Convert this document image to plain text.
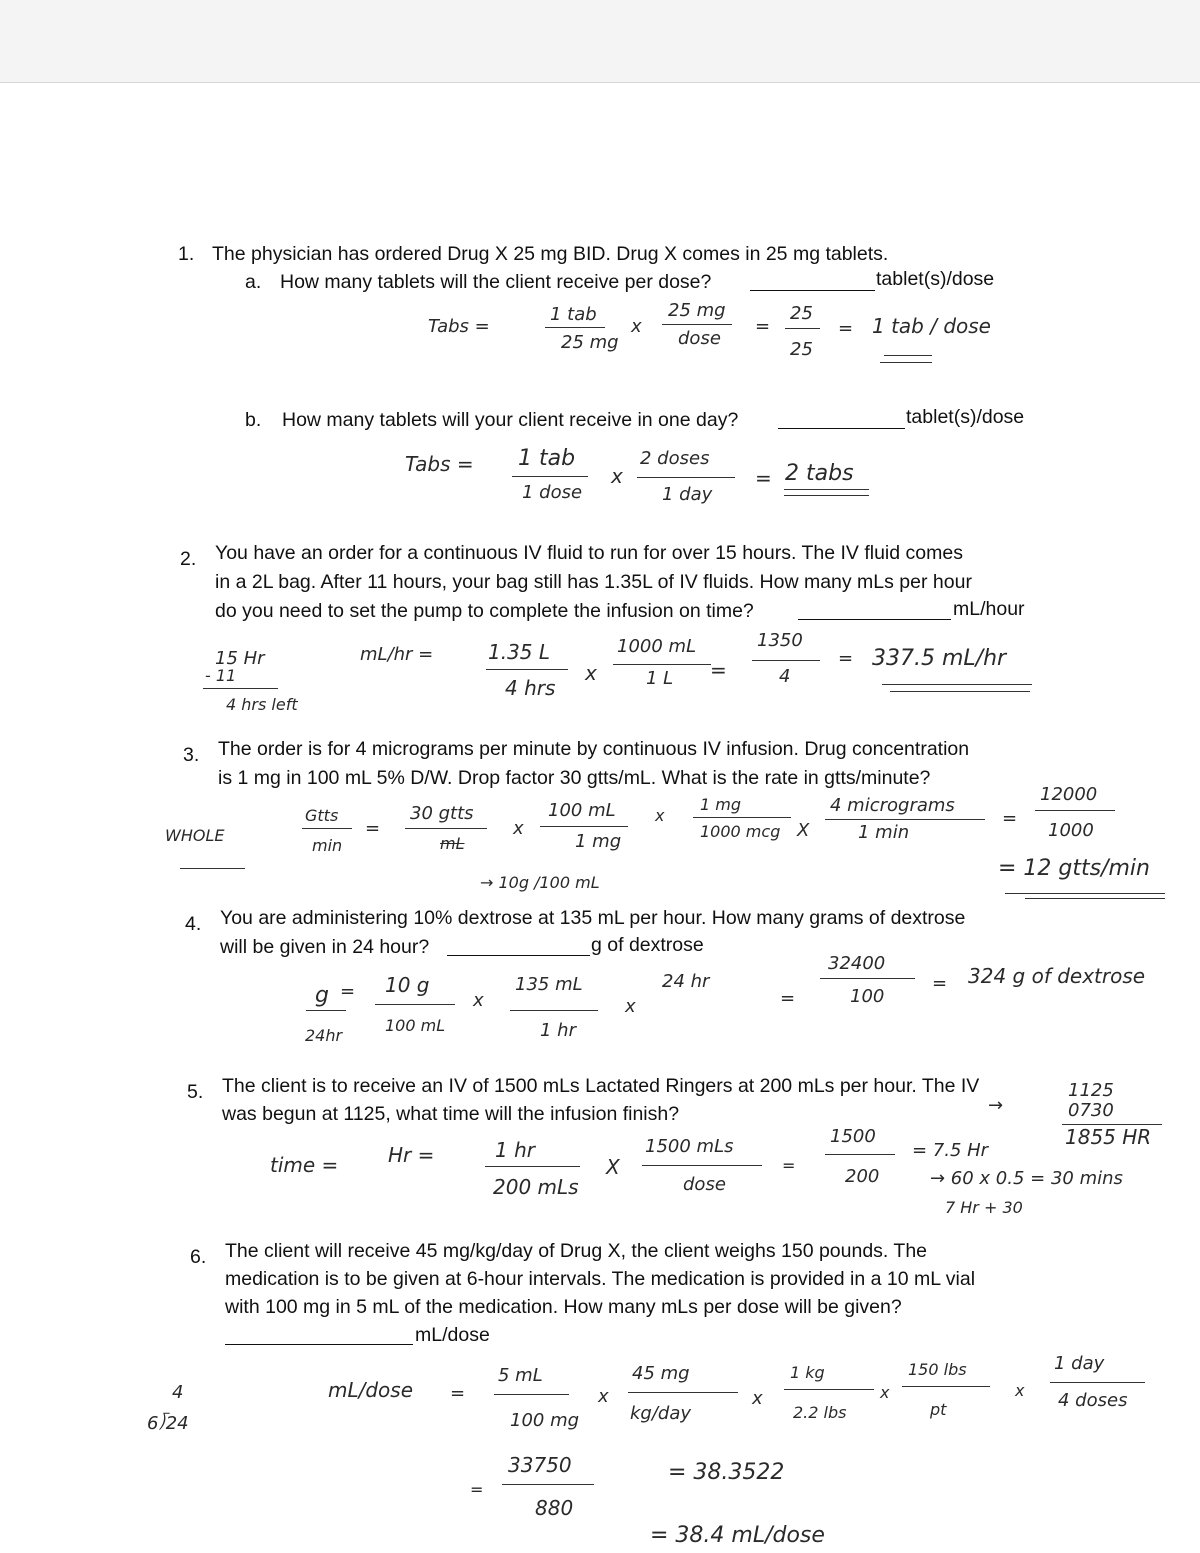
1. The physician has ordered Drug X 25 mg BID. Drug X comes in 25 mg tablets.
a. How many tablets will the client receive per dose?	tablet(s)/dose
Tabs =
1 tab
25 mg
x
25 mg
dose
=
25
25
= 1 tab / dose
b. How many tablets will your client receive in one day?	tablet(s)/dose
Tabs = 1 tab
1 dose
x
2 doses
1 day
= 2 tabs
2. You have an order for a continuous IV fluid to run for over 15 hours. The IV fluid comes
in a 2L bag. After 11 hours, your bag still has 1.35L of IV fluids. How many mLs per hour
do you need to set the pump to complete the infusion on time?	mL/hour
15 Hr
- 11
4 hrs left
mL/hr =	1.35 L
4 hrs
x
1000 mL
1 L =
1350
4
= 337.5 mL/hr
3. The order is for 4 micrograms per minute by continuous IV infusion. Drug concentration
is 1 mg in 100 mL 5% D/W. Drop factor 30 gtts/mL. What is the rate in gtts/minute?
WHOLE
Gtts
min
=
30 gtts
mL
x
100 mL
1 mg
x
1 mg
1000 mcg X
4 micrograms
1 min
=
12000
1000
= 12 gtts/min
→ 10g /100 mL
4. You are administering 10% dextrose at 135 mL per hour. How many grams of dextrose
will be given in 24 hour?	g of dextrose
g
24hr
= 10 g
100 mL
x
135 mL
1 hr
x
24 hr
=
32400
100
= 324 g of dextrose
5. The client is to receive an IV of 1500 mLs Lactated Ringers at 200 mLs per hour. The IV
was begun at 1125, what time will the infusion finish?
time = Hr =	1 hr
200 mLs
X
1500 mLs
dose
=
1500
200
= 7.5 Hr
→ 60 x 0.5 = 30 mins
7 Hr + 30
→
1125
0730
1855 HR
6. The client will receive 45 mg/kg/day of Drug X, the client weighs 150 pounds. The
medication is to be given at 6-hour intervals. The medication is provided in a 10 mL vial
with 100 mg in 5 mL of the medication. How many mLs per dose will be given?
mL/dose
4
6⟌24
mL/dose =
5 mL
100 mg
x
45 mg
kg/day
x
1 kg
2.2 lbs
x
150 lbs
pt
x
1 day
4 doses
=
33750
880
= 38.3522
= 38.4 mL/dose
